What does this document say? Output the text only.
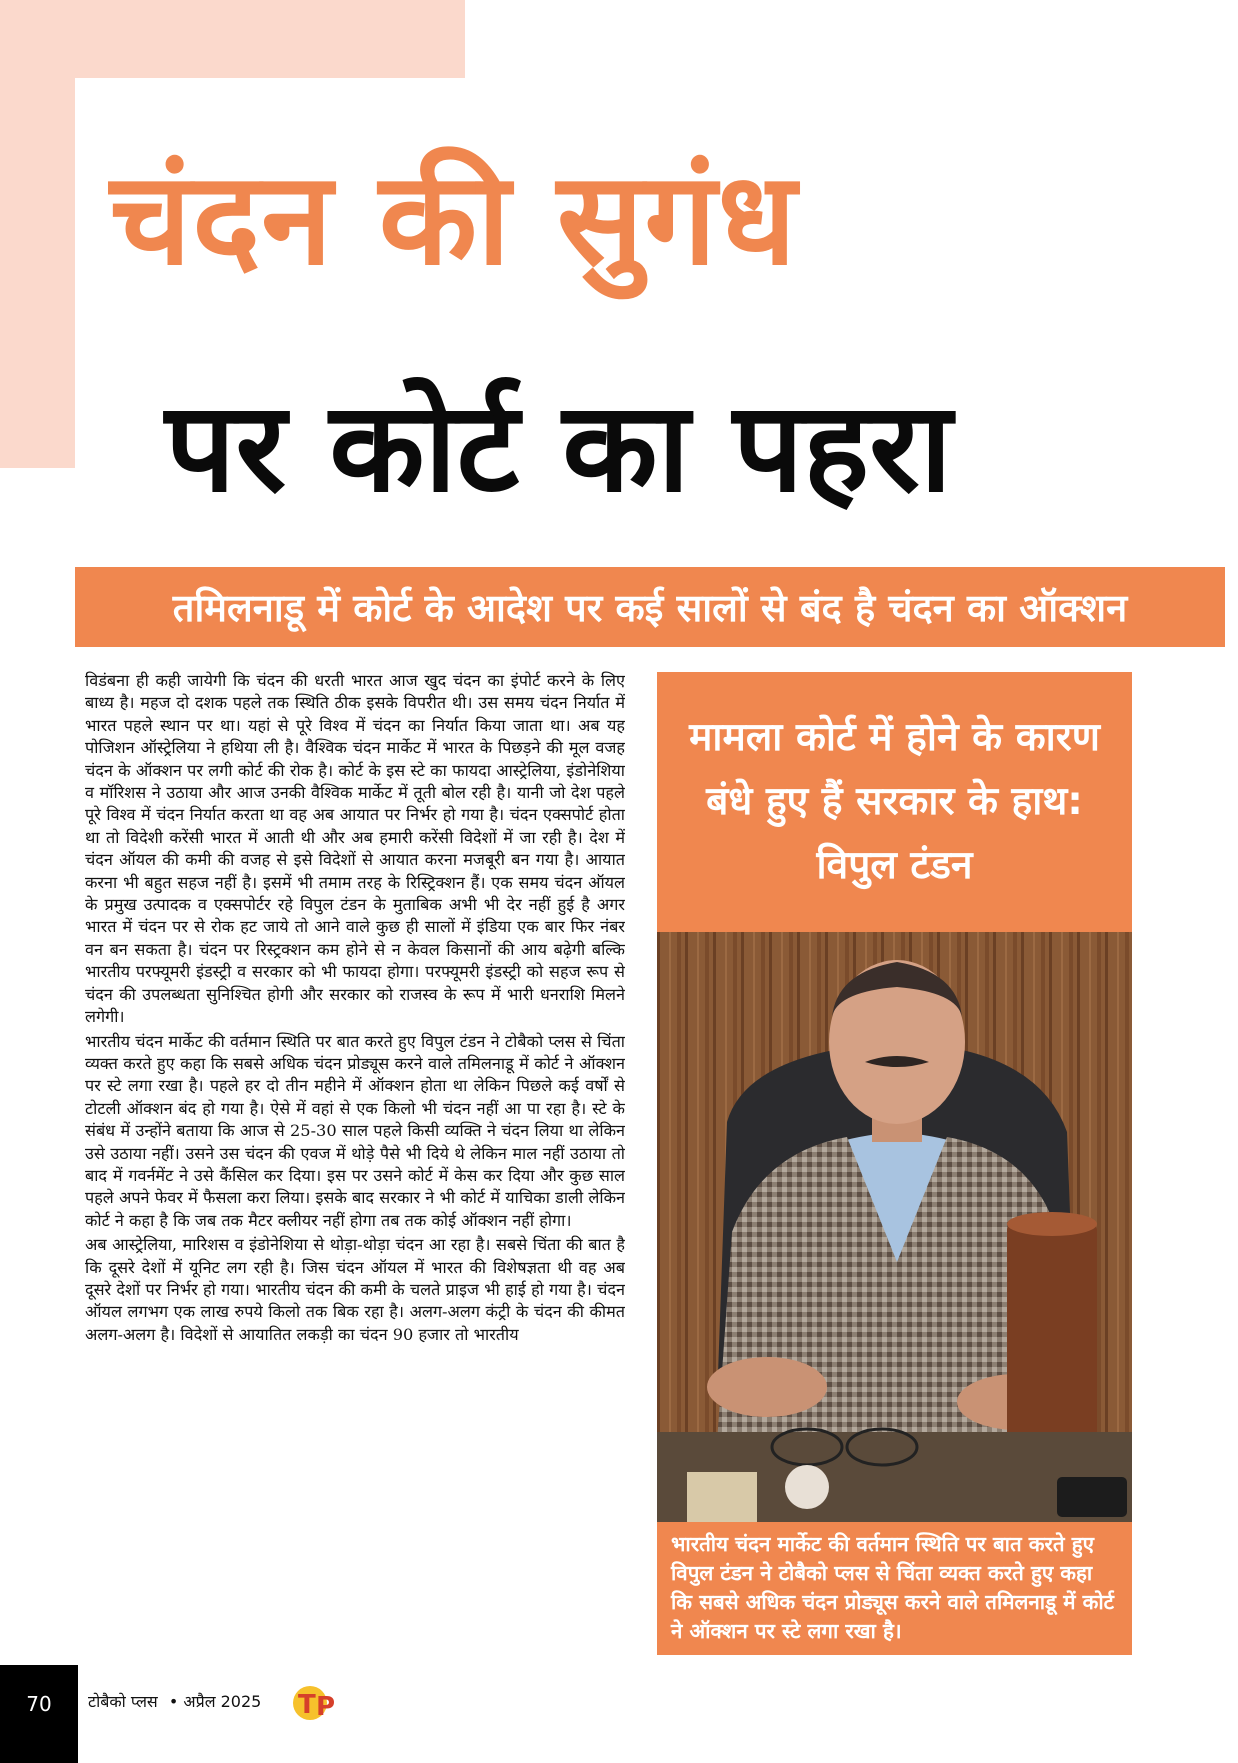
चंदन की सुगंध
पर कोर्ट का पहरा
तमिलनाडू में कोर्ट के आदेश पर कई सालों से बंद है चंदन का ऑक्शन

विडंबना ही कही जायेगी कि चंदन की धरती भारत आज खुद चंदन का इंपोर्ट करने के लिए बाध्य है। महज दो दशक पहले तक स्थिति ठीक इसके विपरीत थी। उस समय चंदन निर्यात में भारत पहले स्थान पर था। यहां से पूरे विश्व में चंदन का निर्यात किया जाता था। अब यह पोजिशन ऑस्ट्रेलिया ने हथिया ली है। वैश्विक चंदन मार्केट में भारत के पिछड़ने की मूल वजह चंदन के ऑक्शन पर लगी कोर्ट की रोक है। कोर्ट के इस स्टे का फायदा आस्ट्रेलिया, इंडोनेशिया व मॉरिशस ने उठाया और आज उनकी वैश्विक मार्केट में तूती बोल रही है। यानी जो देश पहले पूरे विश्व में चंदन निर्यात करता था वह अब आयात पर निर्भर हो गया है। चंदन एक्सपोर्ट होता था तो विदेशी करेंसी भारत में आती थी और अब हमारी करेंसी विदेशों में जा रही है। देश में चंदन ऑयल की कमी की वजह से इसे विदेशों से आयात करना मजबूरी बन गया है। आयात करना भी बहुत सहज नहीं है। इसमें भी तमाम तरह के रिस्ट्रिक्शन हैं। एक समय चंदन ऑयल के प्रमुख उत्पादक व एक्सपोर्टर रहे विपुल टंडन के मुताबिक अभी भी देर नहीं हुई है अगर भारत में चंदन पर से रोक हट जाये तो आने वाले कुछ ही सालों में इंडिया एक बार फिर नंबर वन बन सकता है। चंदन पर रिस्ट्रक्शन कम होने से न केवल किसानों की आय बढ़ेगी बल्कि भारतीय परफ्यूमरी इंडस्ट्री व सरकार को भी फायदा होगा। परफ्यूमरी इंडस्ट्री को सहज रूप से चंदन की उपलब्धता सुनिश्चित होगी और सरकार को राजस्व के रूप में भारी धनराशि मिलने लगेगी।

भारतीय चंदन मार्केट की वर्तमान स्थिति पर बात करते हुए विपुल टंडन ने टोबैको प्लस से चिंता व्यक्त करते हुए कहा कि सबसे अधिक चंदन प्रोड्यूस करने वाले तमिलनाडू में कोर्ट ने ऑक्शन पर स्टे लगा रखा है। पहले हर दो तीन महीने में ऑक्शन होता था लेकिन पिछले कई वर्षों से टोटली ऑक्शन बंद हो गया है। ऐसे में वहां से एक किलो भी चंदन नहीं आ पा रहा है। स्टे के संबंध में उन्होंने बताया कि आज से 25-30 साल पहले किसी व्यक्ति ने चंदन लिया था लेकिन उसे उठाया नहीं। उसने उस चंदन की एवज में थोड़े पैसे भी दिये थे लेकिन माल नहीं उठाया तो बाद में गवर्नमेंट ने उसे कैंसिल कर दिया। इस पर उसने कोर्ट में केस कर दिया और कुछ साल पहले अपने फेवर में फैसला करा लिया। इसके बाद सरकार ने भी कोर्ट में याचिका डाली लेकिन कोर्ट ने कहा है कि जब तक मैटर क्लीयर नहीं होगा तब तक कोई ऑक्शन नहीं होगा।

अब आस्ट्रेलिया, मारिशस व इंडोनेशिया से थोड़ा-थोड़ा चंदन आ रहा है। सबसे चिंता की बात है कि दूसरे देशों में यूनिट लग रही है। जिस चंदन ऑयल में भारत की विशेषज्ञता थी वह अब दूसरे देशों पर निर्भर हो गया। भारतीय चंदन की कमी के चलते प्राइज भी हाई हो गया है। चंदन ऑयल लगभग एक लाख रुपये किलो तक बिक रहा है। अलग-अलग कंट्री के चंदन की कीमत अलग-अलग है। विदेशों से आयातित लकड़ी का चंदन 90 हजार तो भारतीय

मामला कोर्ट में होने के कारण बंधे हुए हैं सरकार के हाथ: विपुल टंडन
भारतीय चंदन मार्केट की वर्तमान स्थिति पर बात करते हुए विपुल टंडन ने टोबैको प्लस से चिंता व्यक्त करते हुए कहा कि सबसे अधिक चंदन प्रोड्यूस करने वाले तमिलनाडू में कोर्ट ने ऑक्शन पर स्टे लगा रखा है।
70	टोबैको प्लस • अप्रैल 2025 T P
